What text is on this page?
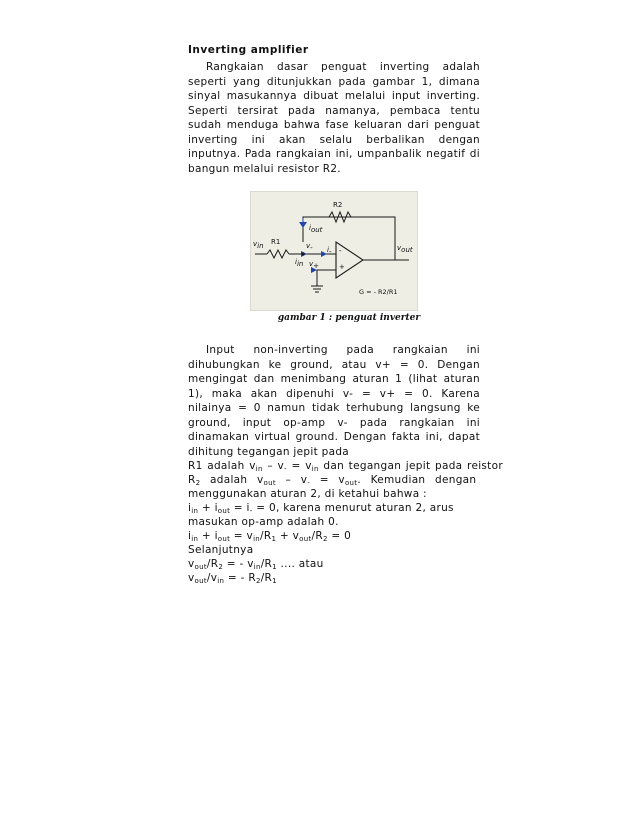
Inverting amplifier

Rangkaian dasar penguat inverting adalah seperti yang ditunjukkan pada gambar 1, dimana sinyal masukannya dibuat melalui input inverting. Seperti tersirat pada namanya, pembaca tentu sudah menduga bahwa fase keluaran dari penguat inverting ini akan selalu berbalikan dengan inputnya. Pada rangkaian ini, umpanbalik negatif di bangun melalui resistor R2.

R2
R1
$v_{in}$
$i_{out}$
$v_-$
$i_{in}$
$i_-$
$v_+$
$v_{out}$
-
+
G = - R2/R1

gambar 1 : penguat inverter

Input non-inverting pada rangkaian ini dihubungkan ke ground, atau v+ = 0. Dengan mengingat dan menimbang aturan 1 (lihat aturan 1), maka akan dipenuhi v- = v+ = 0. Karena nilainya = 0 namun tidak terhubung langsung ke ground, input op-amp v- pada rangkaian ini dinamakan virtual ground. Dengan fakta ini, dapat dihitung tegangan jepit pada

R1 adalah $v_{in} - v_- = v_{in}$ dan tegangan jepit pada reistor

$R_2$ adalah $v_{out} - v_- = v_{out}$. Kemudian dengan

menggunakan aturan 2, di ketahui bahwa :

$i_{in} + i_{out} = i_- = 0$, karena menurut aturan 2, arus

masukan op-amp adalah 0.

$i_{in} + i_{out} = v_{in}/R_1 + v_{out}/R_2 = 0$

Selanjutnya

$v_{out}/R_2$ = - $v_{in}/R_1$ .... atau

$v_{out}/v_{in}$ = - $R_2/R_1$
